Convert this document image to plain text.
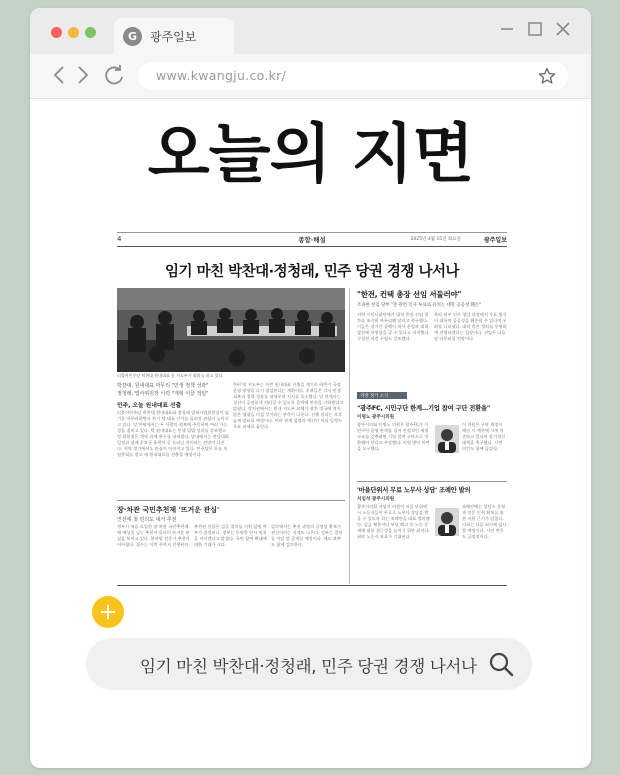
G	광주일보
www.kwangju.co.kr/
오늘의 지면
4	종합·해설	2025년 4월 15일 화요일	광주일보
임기 마친 박찬대·정청래, 민주 당권 경쟁 나서나
더불어민주당 박찬대 원내대표 등 지도부가 회의를 하고 있다.
박찬대, 원내대표 마무리 "민생 정책 성과"
정청래, 법사위원장 이력 "개혁 이끌 적임"
민주, 오늘 원내대표 선출
더불어민주당 박찬대 원내대표와 정청래 법제사법위원장이 임기를 마무리하면서 차기 당 대표 선거를 둘러싼 관심이 높아지고 있다. 당 안팎에서는 두 사람의 행보에 주목하며 여러 가능성을 점치고 있다. 박 원내대표는 민생 입법 성과를 강조했고 정 위원장은 개혁 과제 완수를 내세웠다. 당내에서는 전당대회 일정과 함께 후보군 윤곽이 곧 드러날 것이라는 전망이 나온다. 지역 정가에서도 관심이 이어지고 있다. 민주당은 오늘 의원총회를 열고 새 원내대표를 선출할 예정이다.
한편 당 지도부는 이번 원내대표 선출을 계기로 하반기 국정 운영 방향을 다시 점검한다는 계획이다. 후보들은 각자 민생 회복과 정책 성과를 내세우며 지지를 호소했다. 당 관계자는 경선이 공정하게 치러질 수 있도록 준비에 만전을 기하겠다고 밝혔다. 정치권에서는 원내 지도부 교체가 향후 정국에 적지 않은 영향을 미칠 것이라는 관측이 나온다. 선출 결과는 오후 늦게 발표될 예정이다. 여야 관계 설정과 예산안 처리 일정도 주요 과제로 꼽힌다.
장·차관 국민추천제 '뜨거운 관심'
인선에 첫 민의도 대거 추천
정부가 처음 도입한 장·차관 국민추천제에 예상을 넘는 추천이 몰리며 뜨거운 관심을 보이고 있다. 분야별 전문가 추천이 이어졌다. 접수는 이번 주까지 진행된다.
추천된 인물은 검증 절차를 거쳐 임명 여부가 결정된다. 정부는 투명한 인사 원칙을 지키겠다고 밝혔다. 국민 참여 확대에 대한 기대가 크다.
일각에서는 추천 과정의 공정성 확보가 관건이라는 지적도 나온다. 정부는 결과를 이달 말 공개할 예정이다. 제도 보완도 함께 검토한다.
"한전, 컨택 총장 선임 서둘러야"
조속한 선임 당부 "본 관련 인사 투표로 유치는 대학 공공성 훼손"
지역 시민사회단체가 대학 총장 선임 절차를 조속히 마무리해 달라고 촉구했다. 이들은 장기간 공백이 학사 운영과 대학 발전에 악영향을 줄 수 있다고 지적했다. 구성원 의견 수렴도 강조했다.
특히 외부 인사 영입 과정에서 투표 방식이 대학의 공공성을 훼손할 수 있다며 우려를 나타냈다. 대학 측은 절차를 투명하게 진행하겠다는 입장이다. 선임은 다음 달 마무리될 전망이다.
지방 정가 소식
"광주FC, 시민구단 한계…기업 참여 구단 전환을"
이명노 광주시의원
광주시의회 이명노 의원은 광주FC가 시민구단 운영 한계를 넘어 안정적인 재정 구조를 갖추려면 기업 참여 구단으로 전환해야 한다고 주장했다. 지원 방안 마련을 요구했다.
이 의원은 구단 재정이 매년 시 예산에 크게 의존하고 있다며 장기적인 대책을 촉구했다. 시민 의견도 함께 들었다.
'마을단위서 무료 노무사 상담' 조례안 발의
서임석 광주시의원
광주시의회 서임석 의원이 마을 단위에서 노동자들이 무료로 노무사 상담을 받을 수 있도록 하는 조례안을 대표 발의했다. 임금 체불이나 부당 해고 등 노동 문제에 대한 접근성을 높이기 위한 취지다. 취약 노동자 보호가 기대된다.
조례안에는 상담소 운영과 전문 인력 확보를 위한 지원 근거가 담겼다. 의회는 다음 회기에 심사할 예정이다. 시민 반응도 긍정적이다.
임기 마친 박찬대·정청래, 민주 당권 경쟁 나서나
